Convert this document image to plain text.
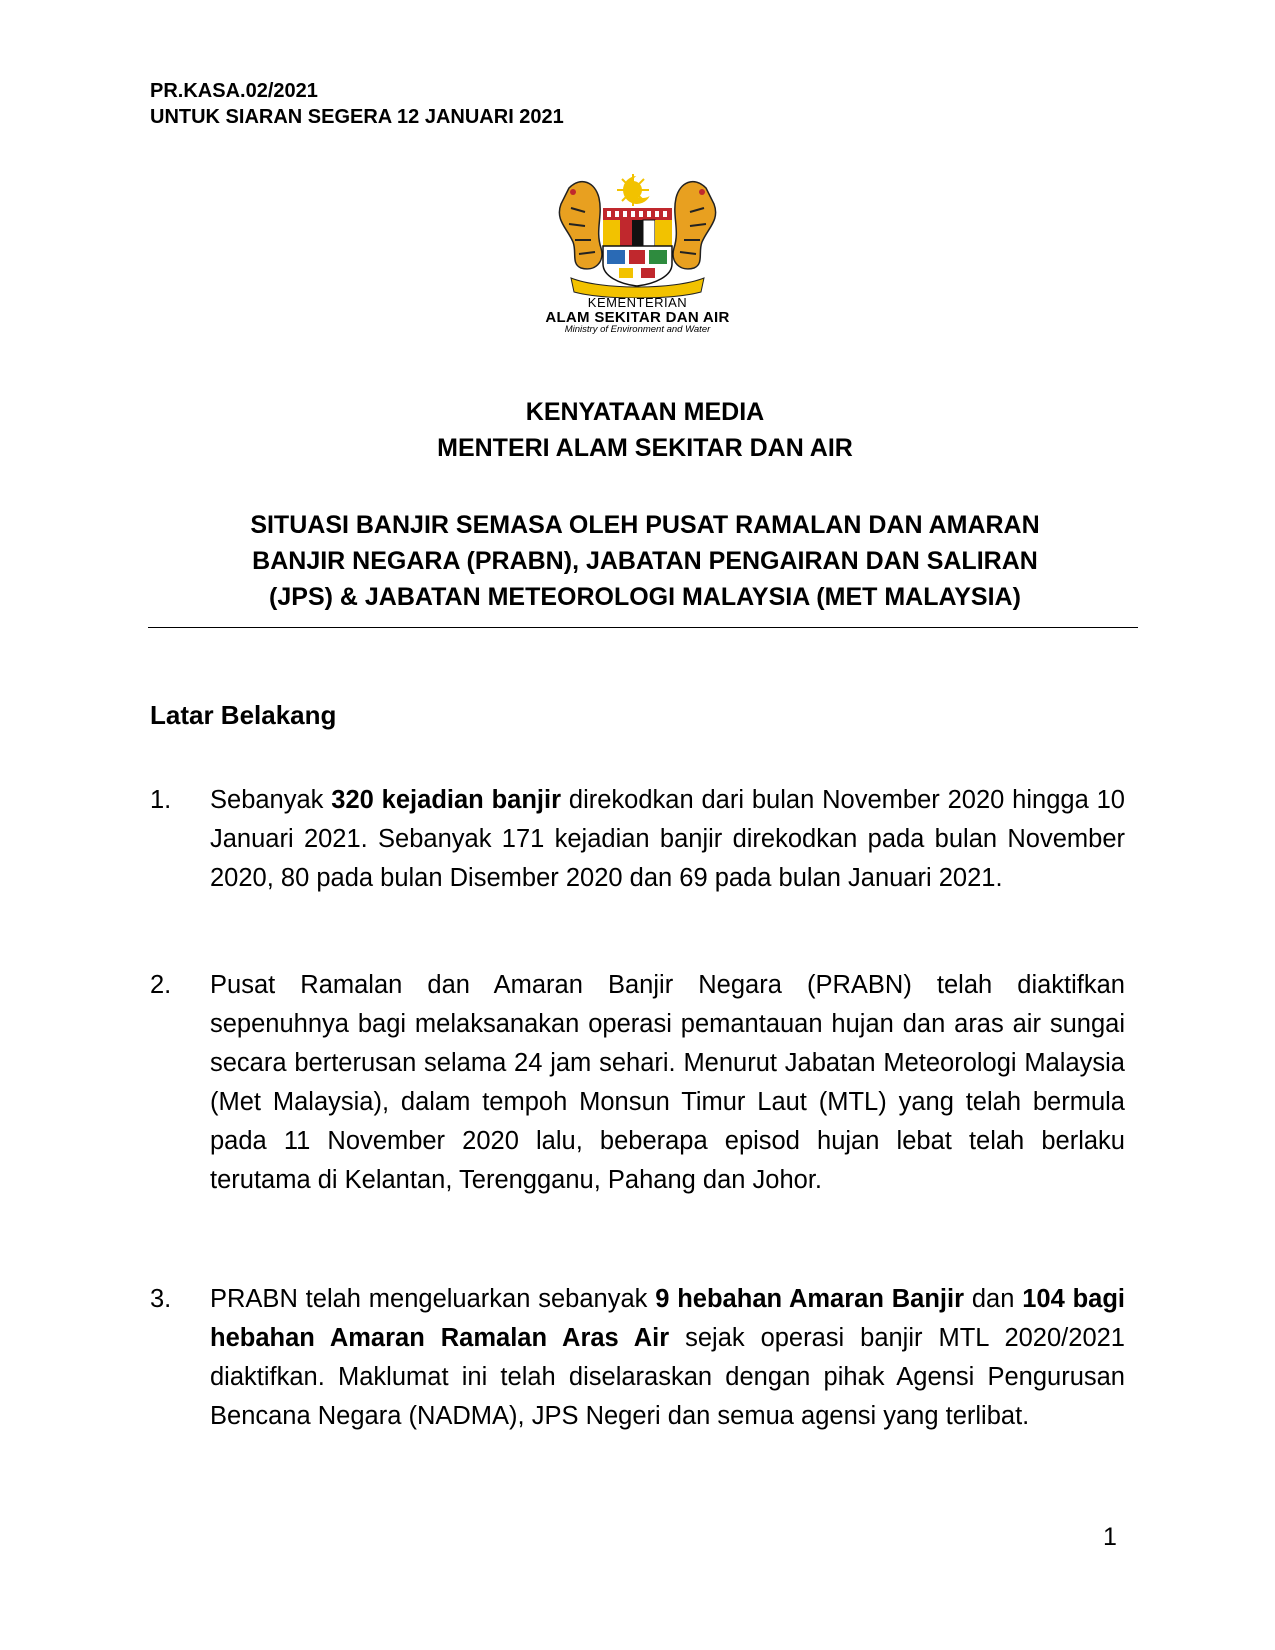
PR.KASA.02/2021
UNTUK SIARAN SEGERA 12 JANUARI 2021
KEMENTERIAN
ALAM SEKITAR DAN AIR
Ministry of Environment and Water
KENYATAAN MEDIA
MENTERI ALAM SEKITAR DAN AIR
SITUASI BANJIR SEMASA OLEH PUSAT RAMALAN DAN AMARAN
BANJIR NEGARA (PRABN), JABATAN PENGAIRAN DAN SALIRAN
(JPS) & JABATAN METEOROLOGI MALAYSIA (MET MALAYSIA)
Latar Belakang
1. Sebanyak 320 kejadian banjir direkodkan dari bulan November 2020 hingga 10 Januari 2021. Sebanyak 171 kejadian banjir direkodkan pada bulan November 2020, 80 pada bulan Disember 2020 dan 69 pada bulan Januari 2021.
2. Pusat Ramalan dan Amaran Banjir Negara (PRABN) telah diaktifkan sepenuhnya bagi melaksanakan operasi pemantauan hujan dan aras air sungai secara berterusan selama 24 jam sehari. Menurut Jabatan Meteorologi Malaysia (Met Malaysia), dalam tempoh Monsun Timur Laut (MTL) yang telah bermula pada 11 November 2020 lalu, beberapa episod hujan lebat telah berlaku terutama di Kelantan, Terengganu, Pahang dan Johor.
3. PRABN telah mengeluarkan sebanyak 9 hebahan Amaran Banjir dan 104 bagi hebahan Amaran Ramalan Aras Air sejak operasi banjir MTL 2020/2021 diaktifkan. Maklumat ini telah diselaraskan dengan pihak Agensi Pengurusan Bencana Negara (NADMA), JPS Negeri dan semua agensi yang terlibat.
1
